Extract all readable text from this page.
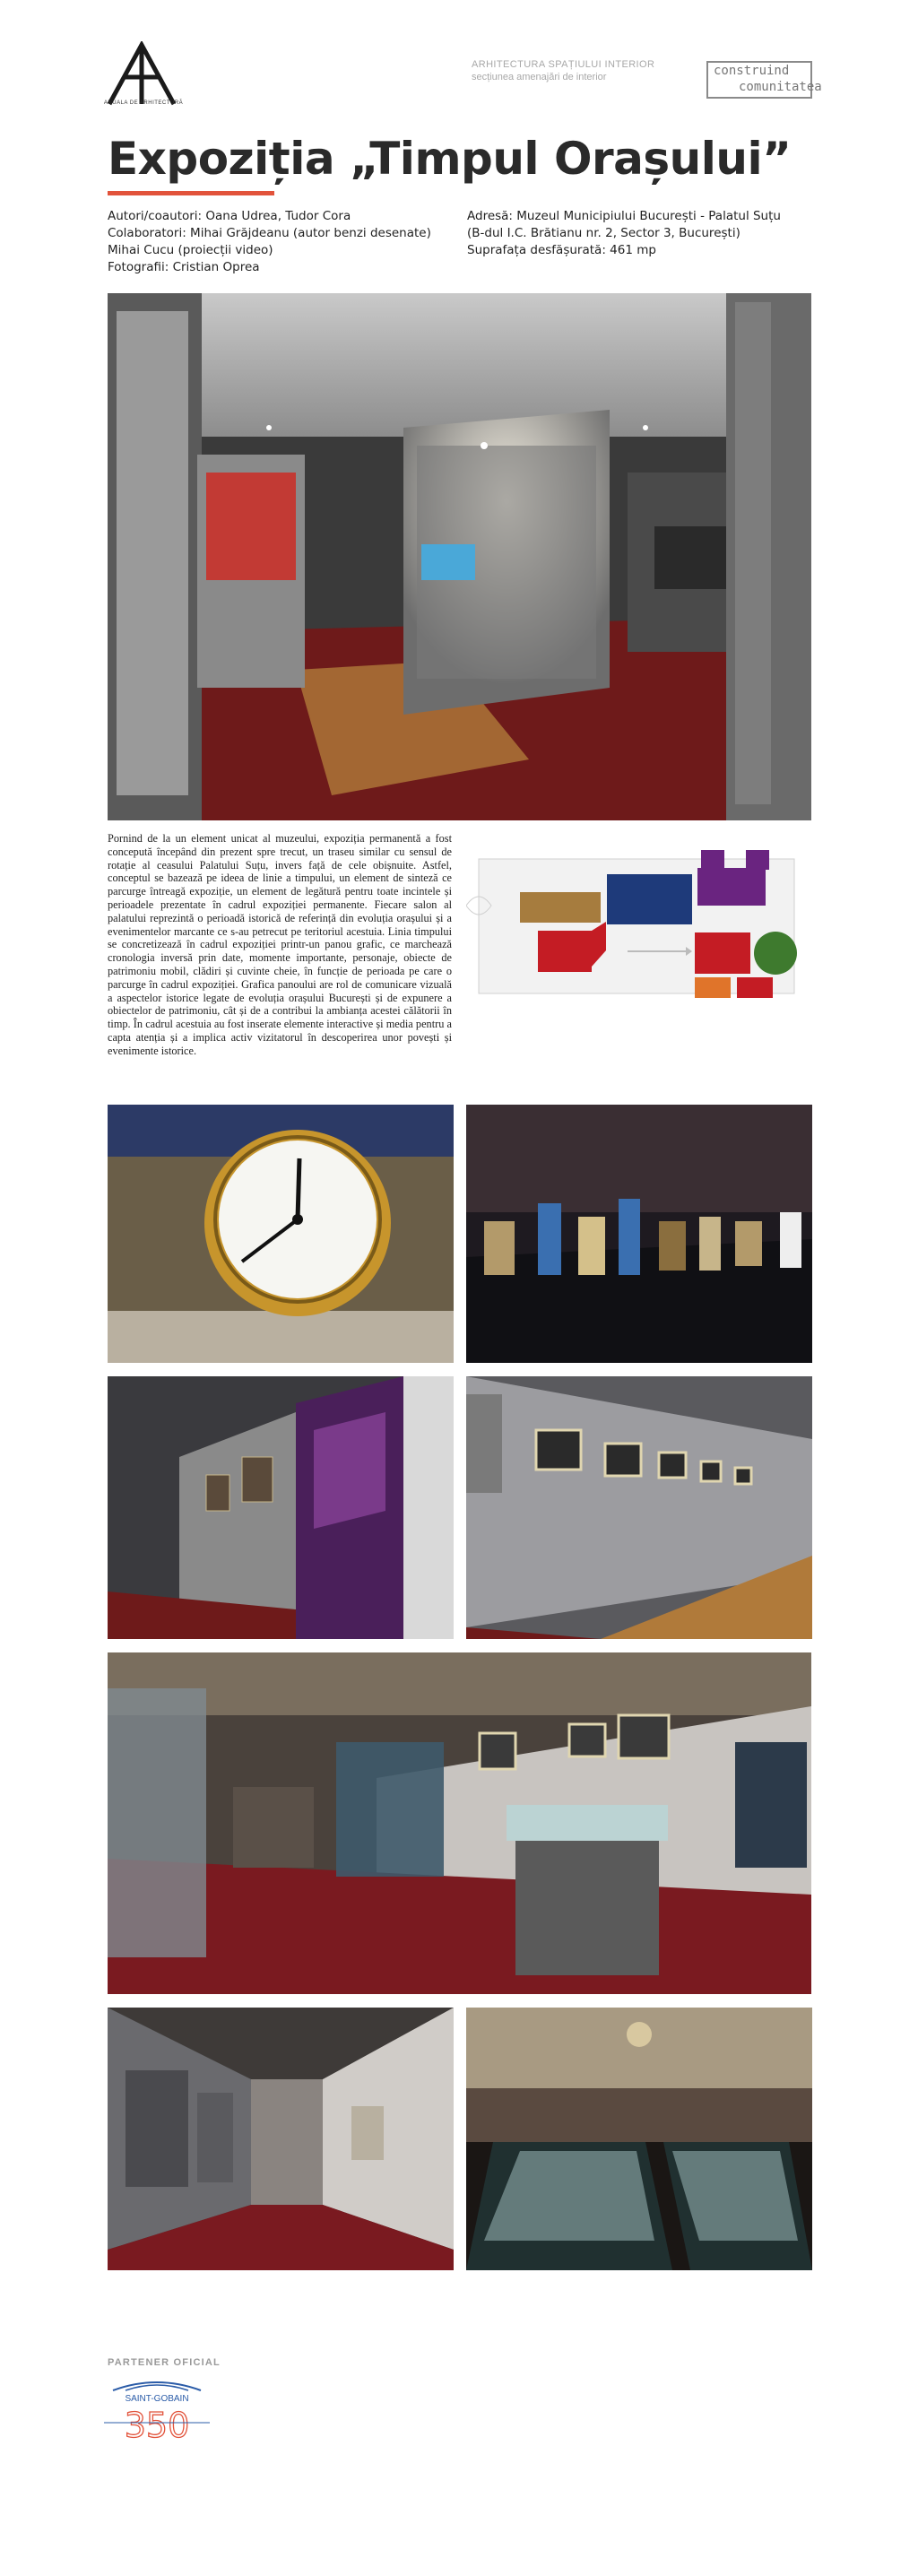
ANUALA DE ARHITECTURĂ
ARHITECTURA SPAȚIULUI INTERIOR
secțiunea amenajări de interior	construind
comunitatea
Expoziția „Timpul Orașului”
Autori/coautori: Oana Udrea, Tudor Cora
Colaboratori: Mihai Grăjdeanu (autor benzi desenate)
Mihai Cucu (proiecții video)
Fotografii: Cristian Oprea
Adresă: Muzeul Municipiului București - Palatul Suțu
(B-dul I.C. Brătianu nr. 2, Sector 3, București)
Suprafața desfășurată: 461 mp
Pornind de la un element unicat al muzeului, expoziția permanentă a fost concepută începând din prezent spre trecut, un traseu similar cu sensul de rotație al ceasului Palatului Suțu, invers față de cele obișnuite. Astfel, conceptul se bazează pe ideea de linie a timpului, un element de sinteză ce parcurge întreagă expoziție, un element de legătură pentru toate incintele și perioadele prezentate în cadrul expoziției permanente. Fiecare salon al palatului reprezintă o perioadă istorică de referință din evoluția orașului și a evenimentelor marcante ce s-au petrecut pe teritoriul acestuia. Linia timpului se concretizează în cadrul expoziției printr-un panou grafic, ce marchează cronologia inversă prin date, momente importante, personaje, obiecte de patrimoniu mobil, clădiri și cuvinte cheie, în funcție de perioada pe care o parcurge în cadrul expoziției. Grafica panoului are rol de comunicare vizuală a aspectelor istorice legate de evoluția orașului București și de expunere a obiectelor de patrimoniu, cât și de a contribui la ambianța acestei călătorii în timp. În cadrul acestuia au fost inserate elemente interactive și media pentru a capta atenția și a implica activ vizitatorul în descoperirea unor povești și evenimente istorice.
PARTENER OFICIAL
SAINT-GOBAIN
350
